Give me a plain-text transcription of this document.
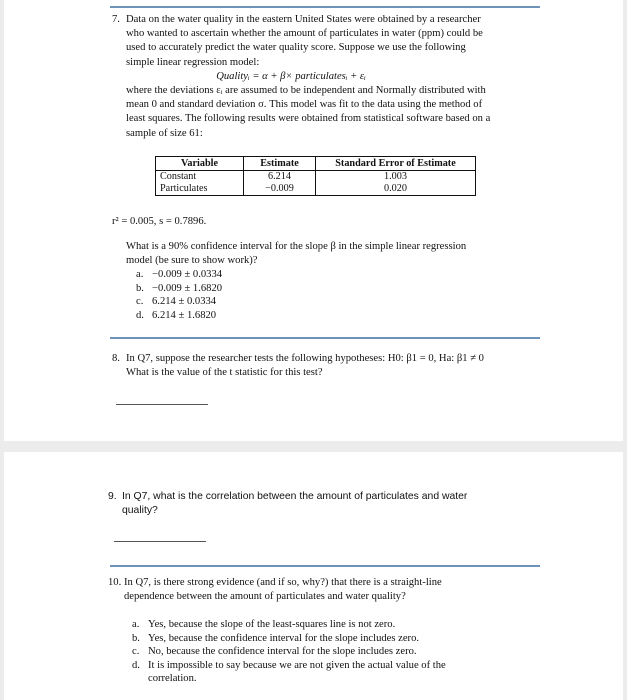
7. Data on the water quality in the eastern United States were obtained by a researcher
who wanted to ascertain whether the amount of particulates in water (ppm) could be
used to accurately predict the water quality score. Suppose we use the following
simple linear regression model:
Qualityᵢ = α + β× particulatesᵢ + εᵢ
where the deviations εᵢ are assumed to be independent and Normally distributed with
mean 0 and standard deviation σ. This model was fit to the data using the method of
least squares. The following results were obtained from statistical software based on a
sample of size 61:
Variable	Estimate	Standard Error of Estimate
Constant	6.214	1.003
Particulates	−0.009	0.020
r² = 0.005, s = 0.7896.
What is a 90% confidence interval for the slope β in the simple linear regression
model (be sure to show work)?
a. −0.009 ± 0.0334
b. −0.009 ± 1.6820
c. 6.214 ± 0.0334
d. 6.214 ± 1.6820
8. In Q7, suppose the researcher tests the following hypotheses: H0: β1 = 0, Ha: β1 ≠ 0
What is the value of the t statistic for this test?
9. In Q7, what is the correlation between the amount of particulates and water
quality?
10. In Q7, is there strong evidence (and if so, why?) that there is a straight-line
dependence between the amount of particulates and water quality?
a. Yes, because the slope of the least-squares line is not zero.
b. Yes, because the confidence interval for the slope includes zero.
c. No, because the confidence interval for the slope includes zero.
d. It is impossible to say because we are not given the actual value of the
correlation.
